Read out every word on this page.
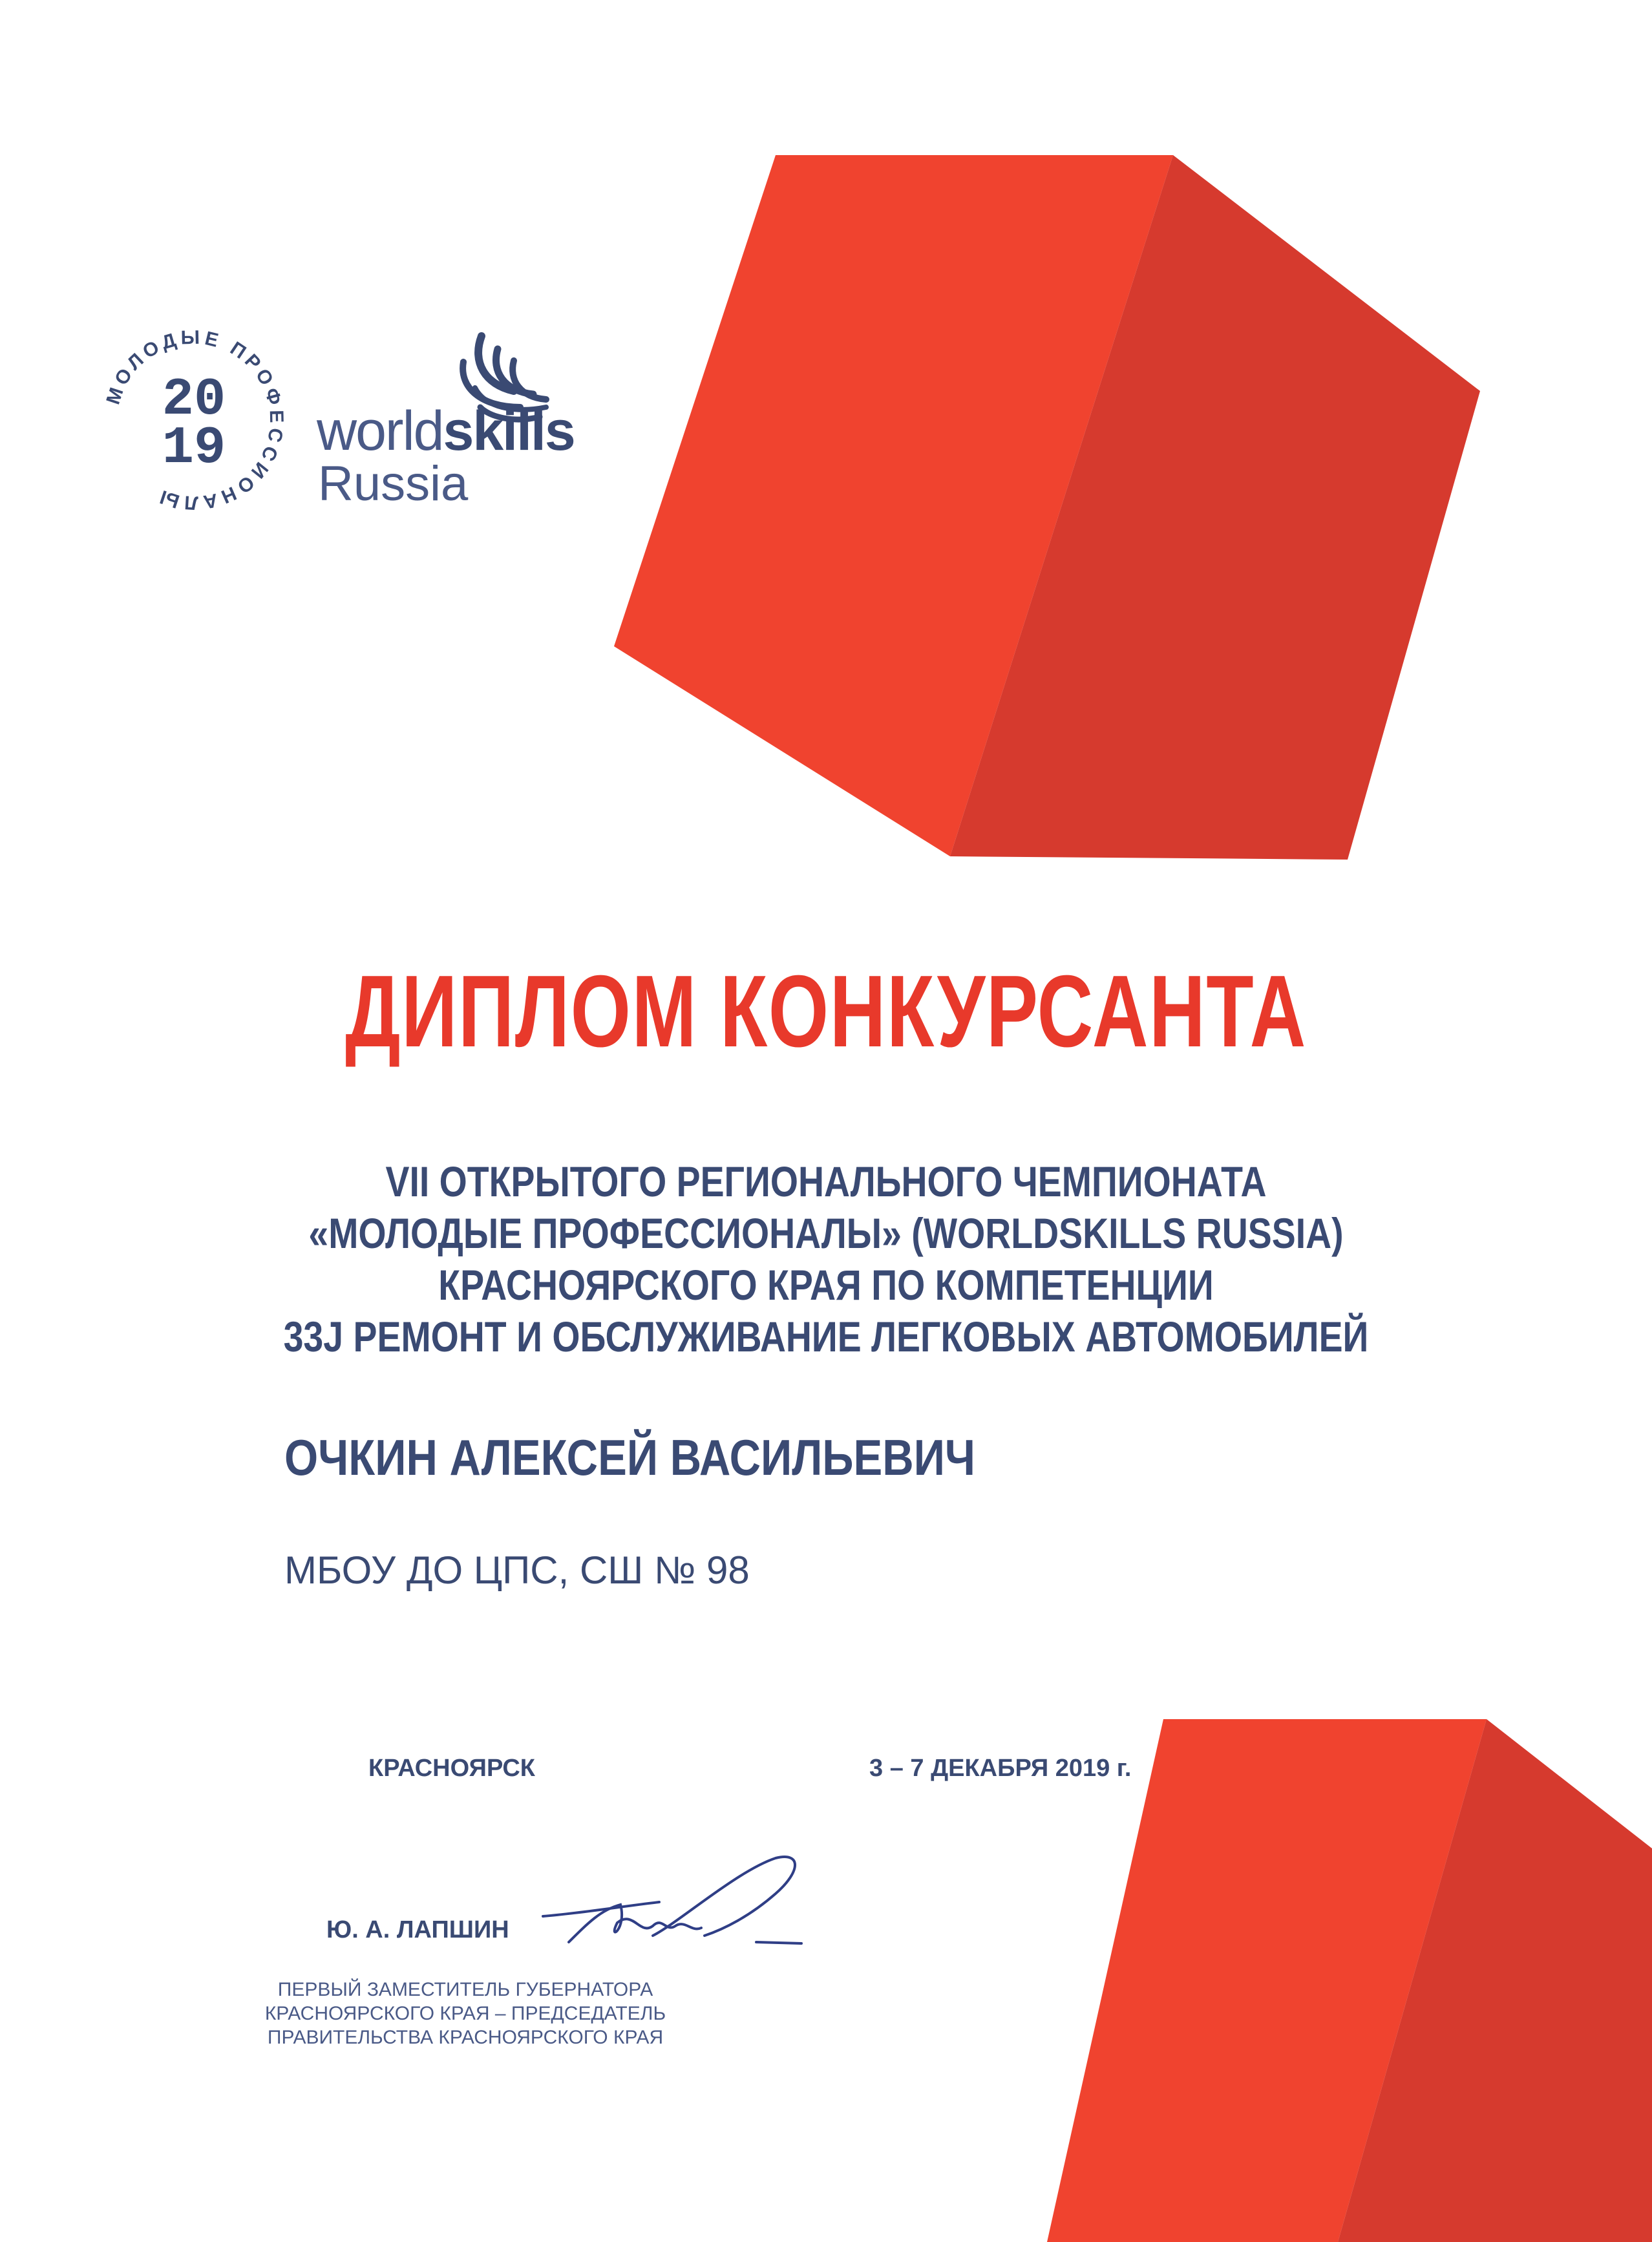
МОЛОДЫЕ ПРОФЕССИОНАЛЫ
20
19 worldskills
Russia
ДИПЛОМ КОНКУРСАНТА
VII ОТКРЫТОГО РЕГИОНАЛЬНОГО ЧЕМПИОНАТА
«МОЛОДЫЕ ПРОФЕССИОНАЛЫ» (WORLDSKILLS RUSSIA)
КРАСНОЯРСКОГО КРАЯ ПО КОМПЕТЕНЦИИ
33J РЕМОНТ И ОБСЛУЖИВАНИЕ ЛЕГКОВЫХ АВТОМОБИЛЕЙ
ОЧКИН АЛЕКСЕЙ ВАСИЛЬЕВИЧ
МБОУ ДО ЦПС, СШ № 98
КРАСНОЯРСК	3 – 7 ДЕКАБРЯ 2019 г.
Ю. А. ЛАПШИН
ПЕРВЫЙ ЗАМЕСТИТЕЛЬ ГУБЕРНАТОРА
КРАСНОЯРСКОГО КРАЯ – ПРЕДСЕДАТЕЛЬ
ПРАВИТЕЛЬСТВА КРАСНОЯРСКОГО КРАЯ
